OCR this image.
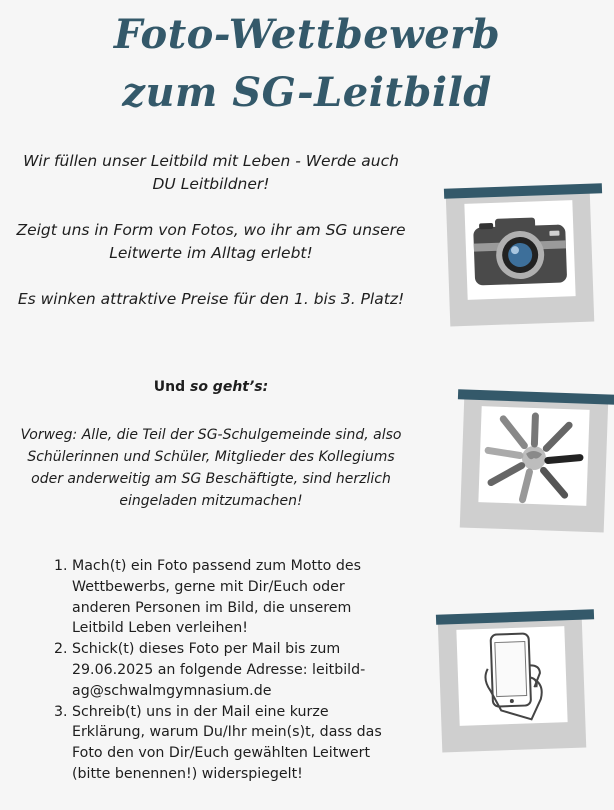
Foto-Wettbewerb
zum SG-Leitbild

Wir füllen unser Leitbild mit Leben - Werde auch DU Leitbildner!

Zeigt uns in Form von Fotos, wo ihr am SG unsere Leitwerte im Alltag erlebt!

Es winken attraktive Preise für den 1. bis 3. Platz!

Und so geht’s:
Vorweg: Alle, die Teil der SG-Schulgemeinde sind, also Schülerinnen und Schüler, Mitglieder des Kollegiums oder anderweitig am SG Beschäftigte, sind herzlich eingeladen mitzumachen!
1. Mach(t) ein Foto passend zum Motto des Wettbewerbs, gerne mit Dir/Euch oder anderen Personen im Bild, die unserem Leitbild Leben verleihen!
2. Schick(t) dieses Foto per Mail bis zum 29.06.2025 an folgende Adresse: leitbild-ag@schwalmgymnasium.de
3. Schreib(t) uns in der Mail eine kurze Erklärung, warum Du/Ihr mein(s)t, dass das Foto den von Dir/Euch gewählten Leitwert (bitte benennen!) widerspiegelt!
